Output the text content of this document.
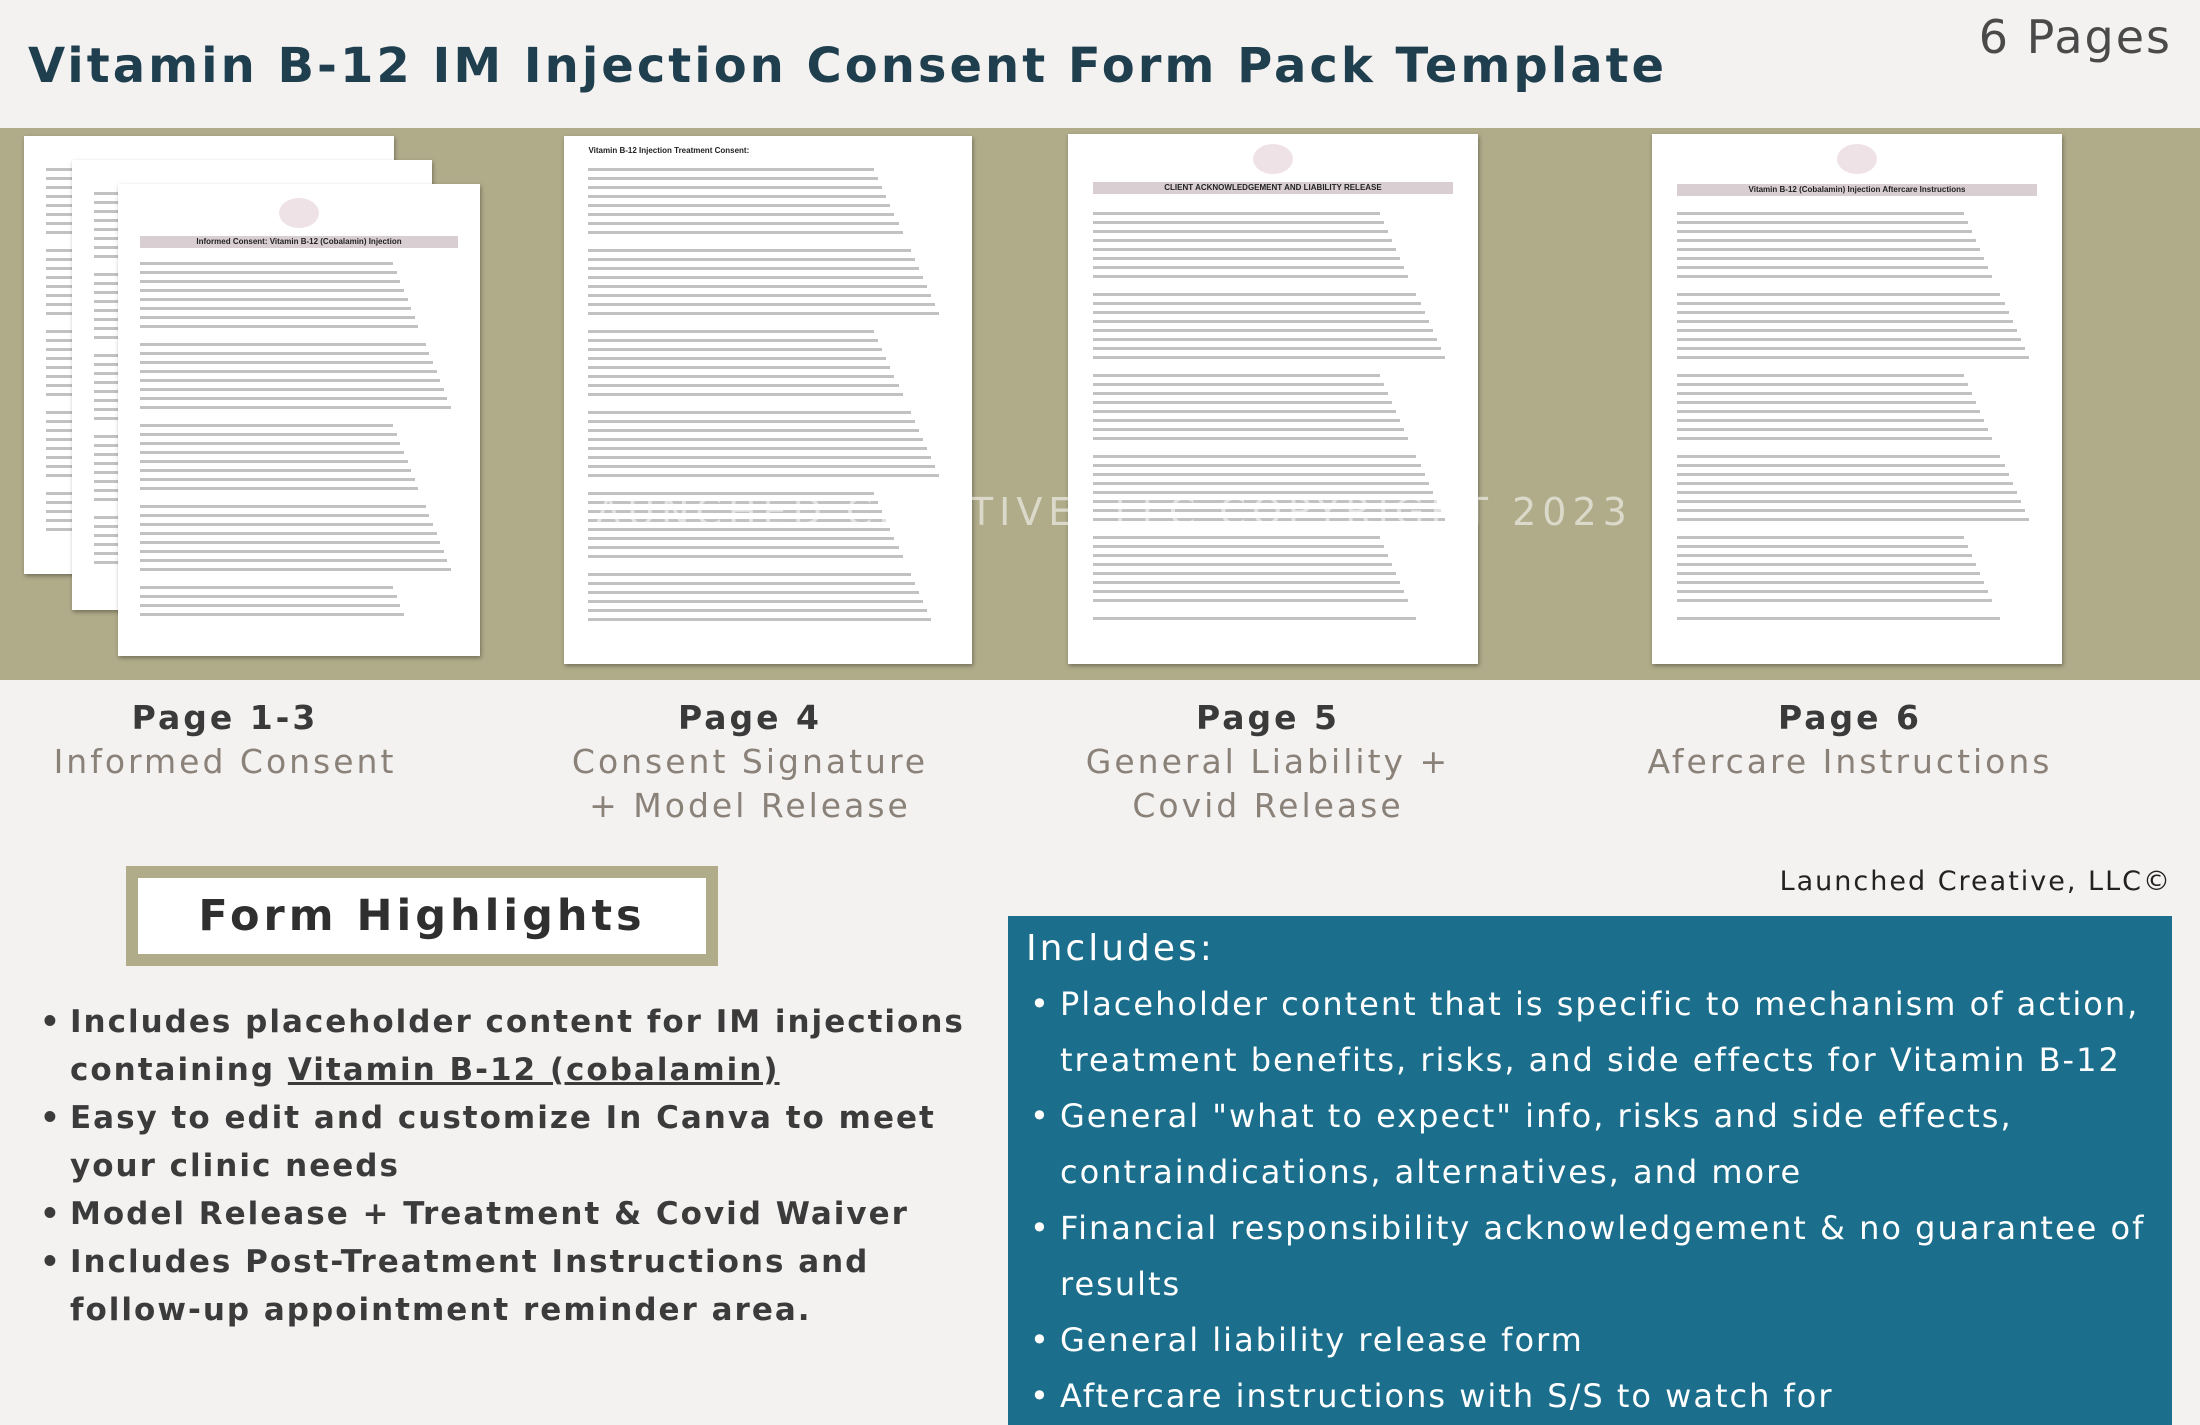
Vitamin B-12 IM Injection Consent Form Pack Template
6 Pages
Informed Consent: Vitamin B-12 (Cobalamin) Injection
Vitamin B-12 Injection Treatment Consent:
CLIENT ACKNOWLEDGEMENT AND LIABILITY RELEASE	Vitamin B-12 (Cobalamin) Injection Aftercare Instructions
LAUNCHED CREATIVE, LLC COPYRIGHT 2023
Page 1-3
Informed Consent
Page 4
Consent Signature
+ Model Release
Page 5
General Liability +
Covid Release
Page 6
Afercare Instructions
Form Highlights
• Includes placeholder content for IM injections containing Vitamin B-12 (cobalamin)
• Easy to edit and customize In Canva to meet your clinic needs
• Model Release + Treatment & Covid Waiver
• Includes Post-Treatment Instructions and follow-up appointment reminder area.
Launched Creative, LLC©
Includes:
• Placeholder content that is specific to mechanism of action, treatment benefits, risks, and side effects for Vitamin B-12
• General "what to expect" info, risks and side effects, contraindications, alternatives, and more
• Financial responsibility acknowledgement & no guarantee of results
• General liability release form
• Aftercare instructions with S/S to watch for
